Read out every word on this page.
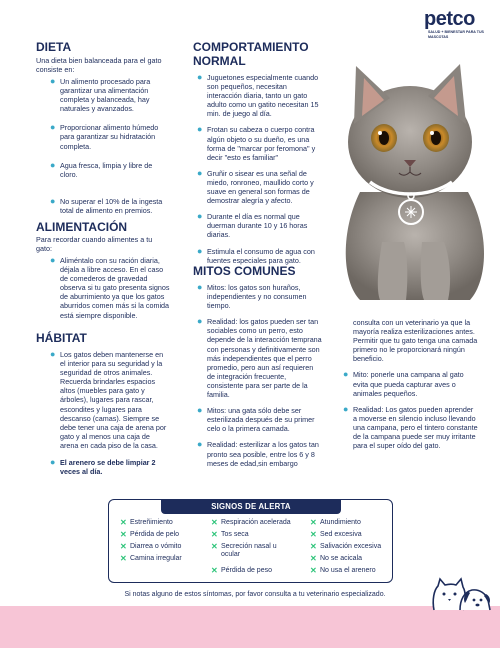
petco
SALUD + BIENESTAR PARA TUS MASCOTAS
DIETA

Una dieta bien balanceada para el gato consiste en:

● Un alimento procesado para garantizar una alimentación completa y balanceada, hay naturales y avanzados.
● Proporcionar alimento húmedo para garantizar su hidratación completa.
● Agua fresca, limpia y libre de cloro.
● No superar el 10% de la ingesta total de alimento en premios.
ALIMENTACIÓN

Para recordar cuando alimentes a tu gato:

● Aliméntalo con su ración diaria, déjala a libre acceso. En el caso de comederos de gravedad observa si tu gato presenta signos de aburrimiento ya que los gatos aburridos comen más si la comida está siempre disponible.
HÁBITAT
● Los gatos deben mantenerse en el interior para su seguridad y la seguridad de otros animales. Recuerda brindarles espacios altos (muebles para gato y árboles), lugares para rascar, escondites y lugares para descanso (camas). Siempre se debe tener una caja de arena por gato y al menos una caja de arena en cada piso de la casa.
● El arenero se debe limpiar 2 veces al día.
COMPORTAMIENTO
NORMAL
● Juguetones especialmente cuando son pequeños, necesitan interacción diaria, tanto un gato adulto como un gatito necesitan 15 min. de juego al día.
● Frotan su cabeza o cuerpo contra algún objeto o su dueño, es una forma de "marcar por feromona" y decir "esto es familiar"
● Gruñir o sisear es una señal de miedo, ronroneo, maullido corto y suave en general son formas de demostrar alegría y afecto.
● Durante el día es normal que duerman durante 10 y 16 horas diarias.
● Estimula el consumo de agua con fuentes especiales para gato.
MITOS COMUNES
● Mitos: los gatos son huraños, independientes y no consumen tiempo.
● Realidad: los gatos pueden ser tan sociables como un perro, esto depende de la interacción temprana con personas y definitivamente son más independientes que el perro promedio, pero aun así requieren de integración frecuente, consistente para ser parte de la familia.
● Mitos: una gata sólo debe ser esterilizada después de su primer celo o la primera camada.
● Realidad: esterilizar a los gatos tan pronto sea posible, entre los 6 y 8 meses de edad,sin embargo

consulta con un veterinario ya que la mayoría realiza esterilizaciones antes.

Permitir que tu gato tenga una camada primero no le proporcionará ningún beneficio.

● Mito: ponerle una campana al gato evita que pueda capturar aves o animales pequeños.
● Realidad: Los gatos pueden aprender a moverse en silencio incluso llevando una campana, pero el tintero constante de la campana puede ser muy irritante para el super oído del gato.
SIGNOS DE ALERTA
✕ Estreñimiento
✕ Pérdida de pelo
✕ Diarrea o vómito
✕ Camina irregular
✕ Respiración acelerada
✕ Tos seca
✕ Secreción nasal u ocular
✕ Pérdida de peso
✕ Atundimiento
✕ Sed excesiva
✕ Salivación excesiva
✕ No se acicala
✕ No usa el arenero

Si notas alguno de estos síntomas, por favor consulta a tu veterinario especializado.
